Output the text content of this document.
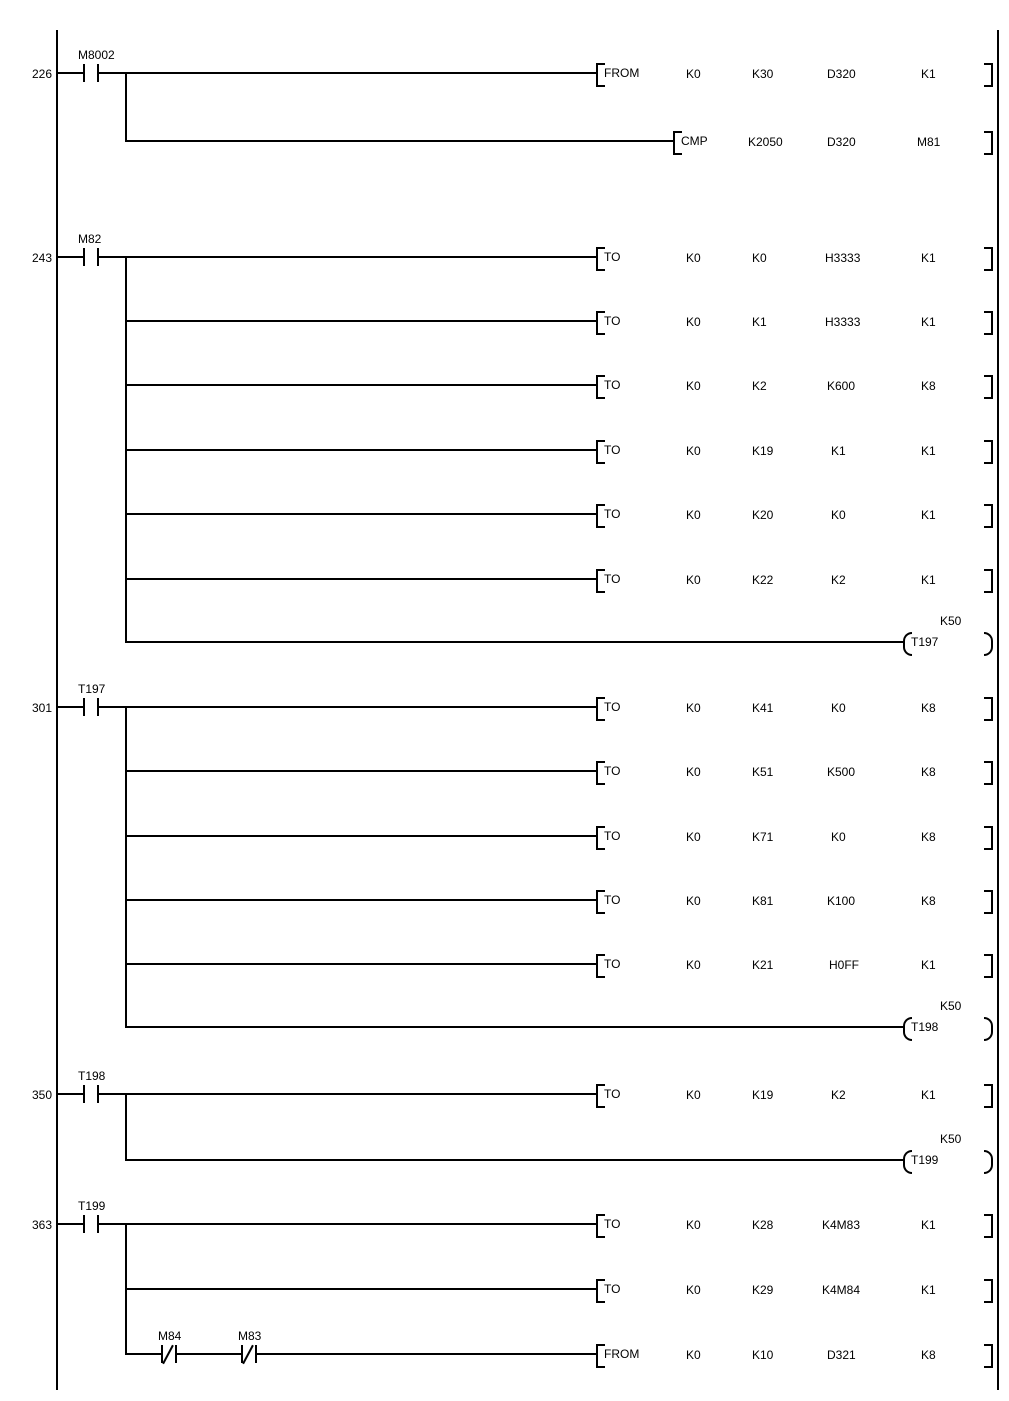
226
M8002
FROM	K0	K30	D320	K1
CMP	K2050	D320	M81
243
M82
TO	K0	K0	H3333	K1
TO	K0	K1	H3333	K1
TO	K0	K2	K600	K8
TO	K0	K19	K1	K1
TO	K0	K20	K0	K1
TO	K0	K22	K2	K1
K50
T197
301
T197
TO	K0	K41	K0	K8
TO	K0	K51	K500	K8
TO	K0	K71	K0	K8
TO	K0	K81	K100	K8
TO	K0	K21	H0FF	K1
K50
T198
350
T198
TO	K0	K19	K2	K1
K50
T199
363
T199
TO	K0	K28	K4M83	K1
TO	K0	K29	K4M84	K1
M84	M83
FROM	K0	K10	D321	K8
